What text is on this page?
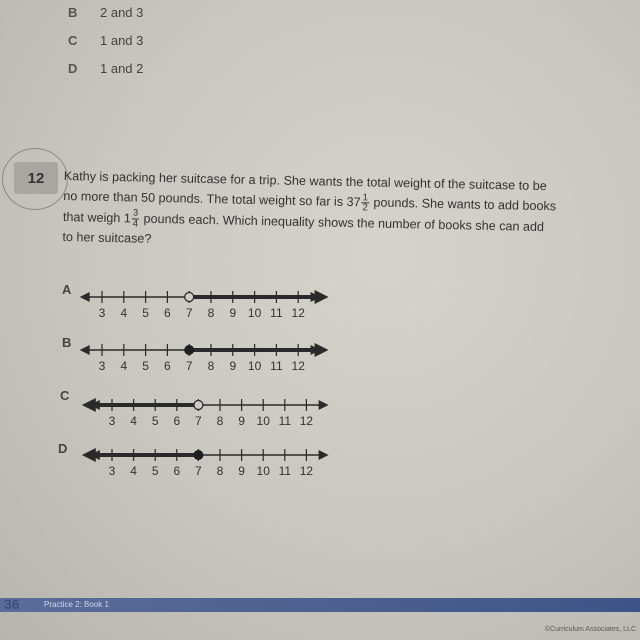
B	2 and 3
C	1 and 3
D	1 and 2
12	Kathy is packing her suitcase for a trip. She wants the total weight of the suitcase to be
no more than 50 pounds. The total weight so far is $37 \frac{1}{2}$ pounds. She wants to add books
that weigh $1 \frac{3}{4}$ pounds each. Which inequality shows the number of books she can add
to her suitcase?
A
3 4 5 6 7 8 9 10 11 12
B
3 4 5 6 7 8 9 10 11 12
C
3 4 5 6 7 8 9 10 11 12
D
3 4 5 6 7 8 9 10 11 12
36	Practice 2: Book 1
©Curriculum Associates, LLC
